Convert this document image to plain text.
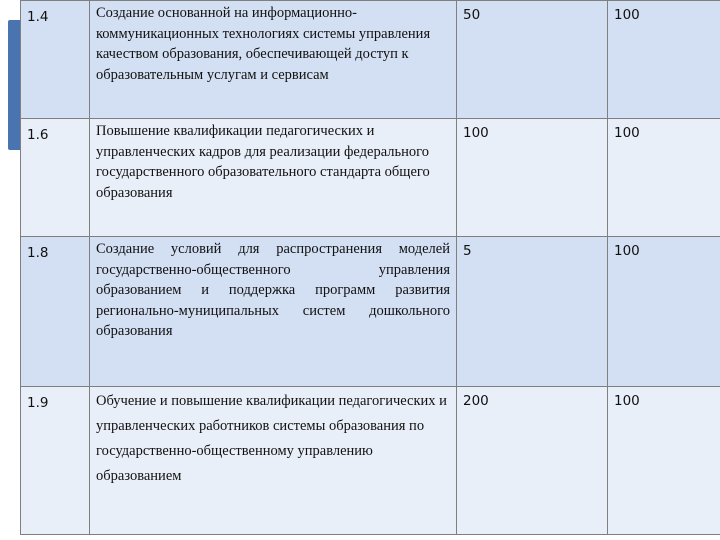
1.4	Создание основанной на информационно-коммуникационных технологиях системы управления качеством образования, обеспечивающей доступ к образовательным услугам и сервисам	50	100
1.6	Повышение квалификации педагогических и управленческих кадров для реализации федерального государственного образовательного стандарта общего образования	100	100
1.8	Создание условий для распространения моделей государственно-общественного управления образованием и поддержка программ развития регионально-муниципальных систем дошкольного образования	5	100
1.9	Обучение и повышение квалификации педагогических и управленческих работников системы образования по государственно-общественному управлению образованием	200	100
